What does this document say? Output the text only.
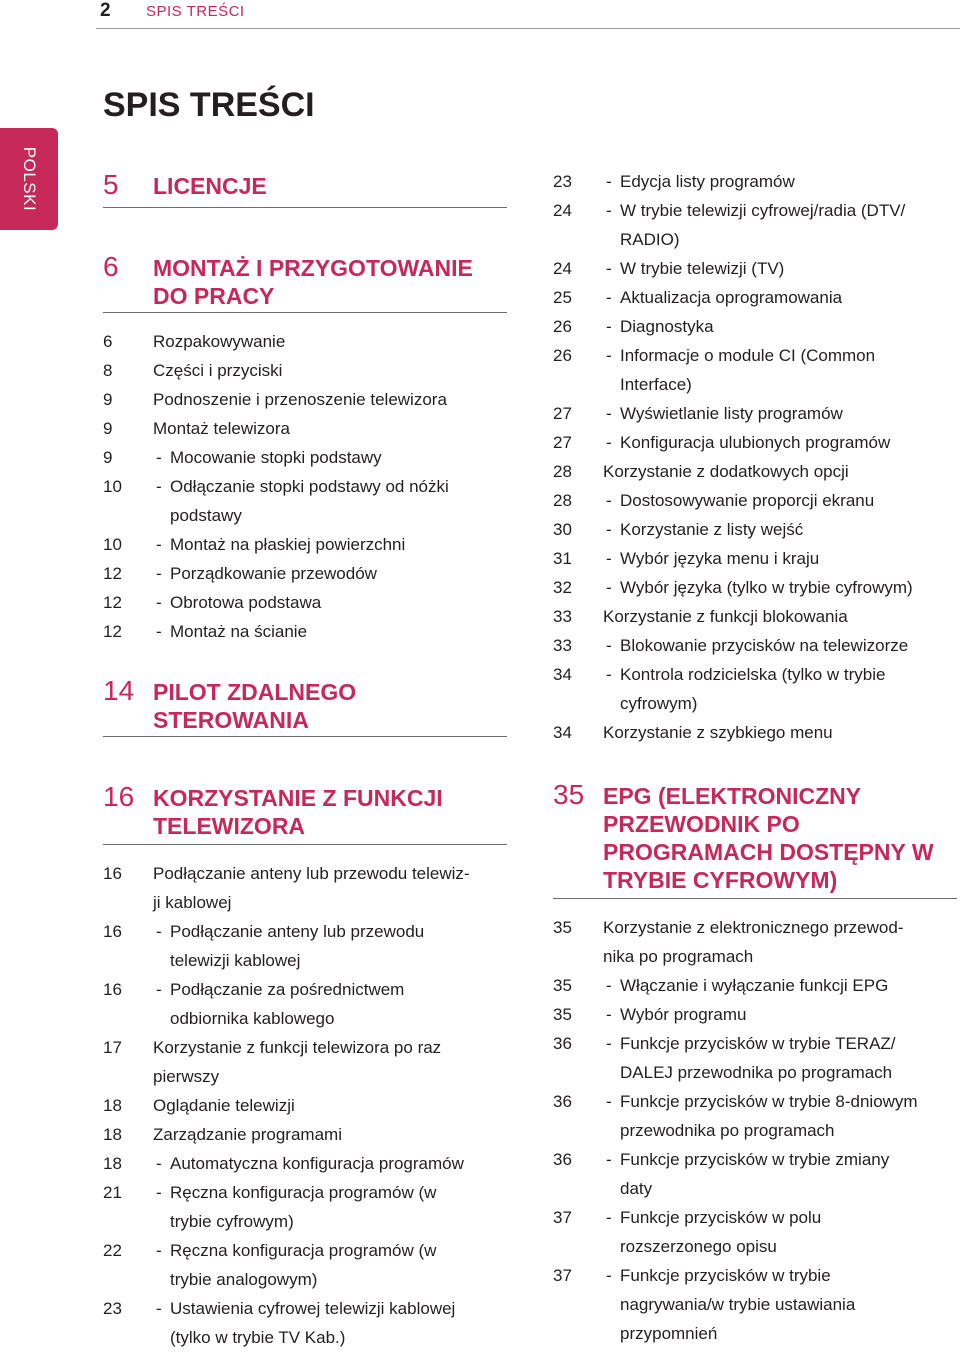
2 SPIS TREŚCI
POLSKI
SPIS TREŚCI
5 LICENCJE
6 MONTAŻ I PRZYGOTOWANIE
DO PRACY
6 Rozpakowywanie
8 Części i przyciski
9 Podnoszenie i przenoszenie telewizora
9 Montaż telewizora
9	- Mocowanie stopki podstawy
10 - Odłączanie stopki podstawy od nóżki
podstawy
10 - Montaż na płaskiej powierzchni
12 - Porządkowanie przewodów
12 - Obrotowa podstawa
12 - Montaż na ścianie
14 PILOT ZDALNEGO
STEROWANIA
16 KORZYSTANIE Z FUNKCJI
TELEWIZORA
16 Podłączanie anteny lub przewodu telewiz-
ji kablowej
16 - Podłączanie anteny lub przewodu
telewizji kablowej
16 - Podłączanie za pośrednictwem
odbiornika kablowego
17 Korzystanie z funkcji telewizora po raz
pierwszy
18 Oglądanie telewizji
18 Zarządzanie programami
18 - Automatyczna konfiguracja programów
21 - Ręczna konfiguracja programów (w
trybie cyfrowym)
22 - Ręczna konfiguracja programów (w
trybie analogowym)
23 - Ustawienia cyfrowej telewizji kablowej
(tylko w trybie TV Kab.)
23 - Edycja listy programów
24 - W trybie telewizji cyfrowej/radia (DTV/
RADIO)
24 - W trybie telewizji (TV)
25 - Aktualizacja oprogramowania
26 - Diagnostyka
26 - Informacje o module CI (Common
Interface)
27 - Wyświetlanie listy programów
27 - Konfiguracja ulubionych programów
28 Korzystanie z dodatkowych opcji
28 - Dostosowywanie proporcji ekranu
30 - Korzystanie z listy wejść
31 - Wybór języka menu i kraju
32 - Wybór języka (tylko w trybie cyfrowym)
33 Korzystanie z funkcji blokowania
33 - Blokowanie przycisków na telewizorze
34 - Kontrola rodzicielska (tylko w trybie
cyfrowym)
34 Korzystanie z szybkiego menu
35 EPG (ELEKTRONICZNY
PRZEWODNIK PO
PROGRAMACH DOSTĘPNY W
TRYBIE CYFROWYM)
35 Korzystanie z elektronicznego przewod-
nika po programach
35 - Włączanie i wyłączanie funkcji EPG
35 - Wybór programu
36 - Funkcje przycisków w trybie TERAZ/
DALEJ przewodnika po programach
36 - Funkcje przycisków w trybie 8-dniowym
przewodnika po programach
36 - Funkcje przycisków w trybie zmiany
daty
37 - Funkcje przycisków w polu
rozszerzonego opisu
37 - Funkcje przycisków w trybie
nagrywania/w trybie ustawiania
przypomnień
